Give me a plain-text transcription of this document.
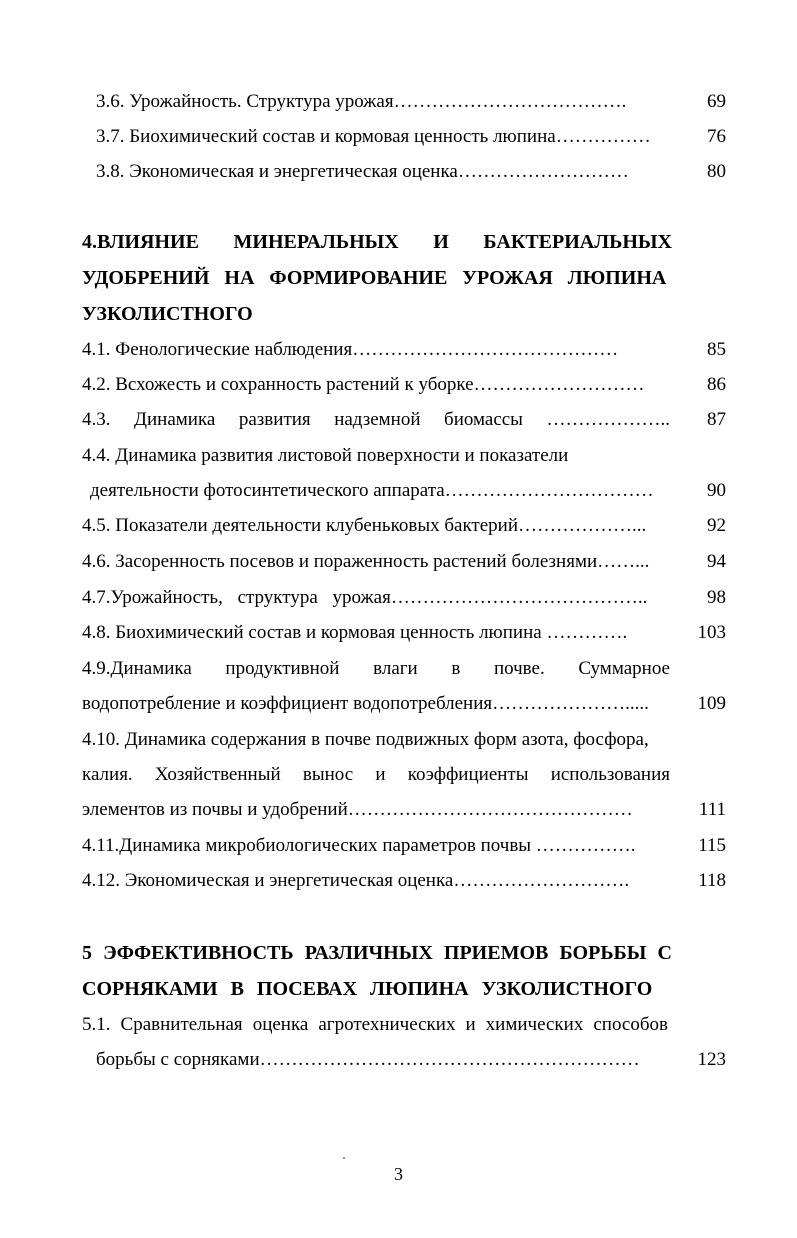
3.6. Урожайность. Структура урожая……………………………….	69
3.7. Биохимический состав и кормовая ценность люпина……………	76
3.8. Экономическая и энергетическая оценка………………………	80
4.ВЛИЯНИЕ МИНЕРАЛЬНЫХ И БАКТЕРИАЛЬНЫХ
УДОБРЕНИЙ НА ФОРМИРОВАНИЕ УРОЖАЯ ЛЮПИНА
УЗКОЛИСТНОГО
4.1. Фенологические наблюдения……………………………………	85
4.2. Всхожесть и сохранность растений к уборке………………………	86
4.3. Динамика развития надземной биомассы ………………..	87
4.4. Динамика развития листовой поверхности и показатели
деятельности фотосинтетического аппарата……………………………	90
4.5. Показатели деятельности клубеньковых бактерий………………...	92
4.6. Засоренность посевов и пораженность растений болезнями……...	94
4.7.Урожайность, структура урожая…………………………………..	98
4.8. Биохимический состав и кормовая ценность люпина ………….	103
4.9.Динамика продуктивной влаги в почве. Суммарное
водопотребление и коэффициент водопотребления………………….....	109
4.10. Динамика содержания в почве подвижных форм азота, фосфора,
калия. Хозяйственный вынос и коэффициенты использования
элементов из почвы и удобрений………………………………………	111
4.11.Динамика микробиологических параметров почвы …………….	115
4.12. Экономическая и энергетическая оценка……………………….	118
5 ЭФФЕКТИВНОСТЬ РАЗЛИЧНЫХ ПРИЕМОВ БОРЬБЫ С
СОРНЯКАМИ В ПОСЕВАХ ЛЮПИНА УЗКОЛИСТНОГО
5.1. Сравнительная оценка агротехнических и химических способов
борьбы с сорняками……………………………………………………	123
3
